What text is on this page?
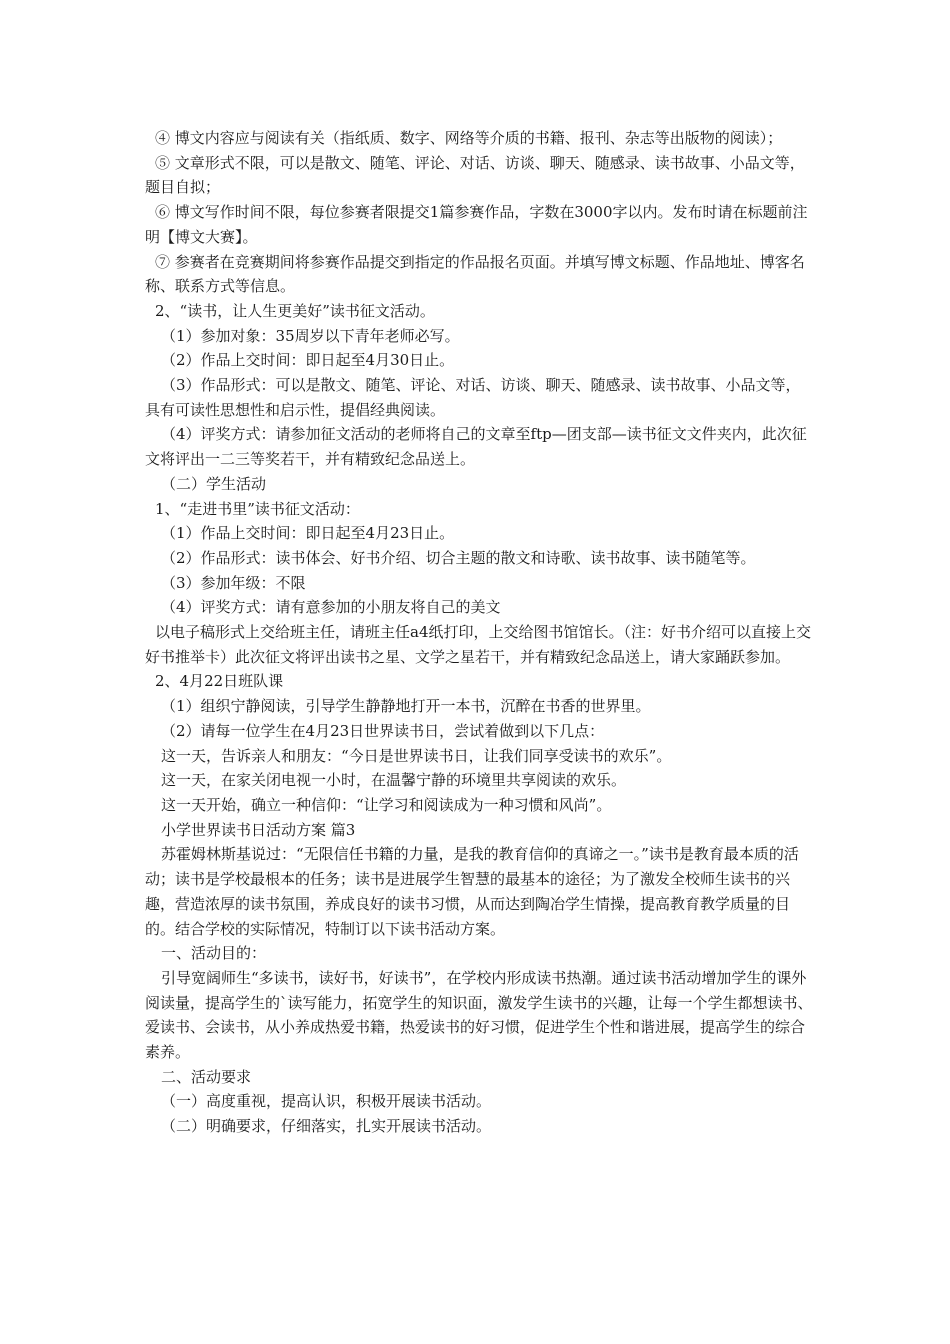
④ 博文内容应与阅读有关（指纸质、数字、网络等介质的书籍、报刊、杂志等出版物的阅读）；

⑤ 文章形式不限，可以是散文、随笔、评论、对话、访谈、聊天、随感录、读书故事、小品文等，题目自拟；

⑥ 博文写作时间不限，每位参赛者限提交1篇参赛作品，字数在3000字以内。发布时请在标题前注明【博文大赛】。

⑦ 参赛者在竞赛期间将参赛作品提交到指定的作品报名页面。并填写博文标题、作品地址、博客名称、联系方式等信息。

2、“读书，让人生更美好”读书征文活动。

（1）参加对象：35周岁以下青年老师必写。

（2）作品上交时间：即日起至4月30日止。

（3）作品形式：可以是散文、随笔、评论、对话、访谈、聊天、随感录、读书故事、小品文等，具有可读性思想性和启示性，提倡经典阅读。

（4）评奖方式：请参加征文活动的老师将自己的文章至ftp—团支部—读书征文文件夹内，此次征文将评出一二三等奖若干，并有精致纪念品送上。

（二）学生活动

1、“走进书里”读书征文活动：

（1）作品上交时间：即日起至4月23日止。

（2）作品形式：读书体会、好书介绍、切合主题的散文和诗歌、读书故事、读书随笔等。

（3）参加年级：不限

（4）评奖方式：请有意参加的小朋友将自己的美文

以电子稿形式上交给班主任，请班主任a4纸打印，上交给图书馆馆长。（注：好书介绍可以直接上交好书推举卡）此次征文将评出读书之星、文学之星若干，并有精致纪念品送上，请大家踊跃参加。

2、4月22日班队课

（1）组织宁静阅读，引导学生静静地打开一本书，沉醉在书香的世界里。

（2）请每一位学生在4月23日世界读书日，尝试着做到以下几点：

这一天，告诉亲人和朋友：“今日是世界读书日，让我们同享受读书的欢乐”。

这一天，在家关闭电视一小时，在温馨宁静的环境里共享阅读的欢乐。

这一天开始，确立一种信仰：“让学习和阅读成为一种习惯和风尚”。

小学世界读书日活动方案 篇3

苏霍姆林斯基说过：“无限信任书籍的力量，是我的教育信仰的真谛之一。”读书是教育最本质的活动；读书是学校最根本的任务；读书是进展学生智慧的最基本的途径；为了激发全校师生读书的兴趣，营造浓厚的读书氛围，养成良好的读书习惯，从而达到陶冶学生情操，提高教育教学质量的目的。结合学校的实际情况，特制订以下读书活动方案。

一、活动目的：

引导宽阔师生“多读书，读好书，好读书”，在学校内形成读书热潮。通过读书活动增加学生的课外阅读量，提高学生的`读写能力，拓宽学生的知识面，激发学生读书的兴趣，让每一个学生都想读书、爱读书、会读书，从小养成热爱书籍，热爱读书的好习惯，促进学生个性和谐进展，提高学生的综合素养。

二、活动要求

（一）高度重视，提高认识，积极开展读书活动。

（二）明确要求，仔细落实，扎实开展读书活动。
